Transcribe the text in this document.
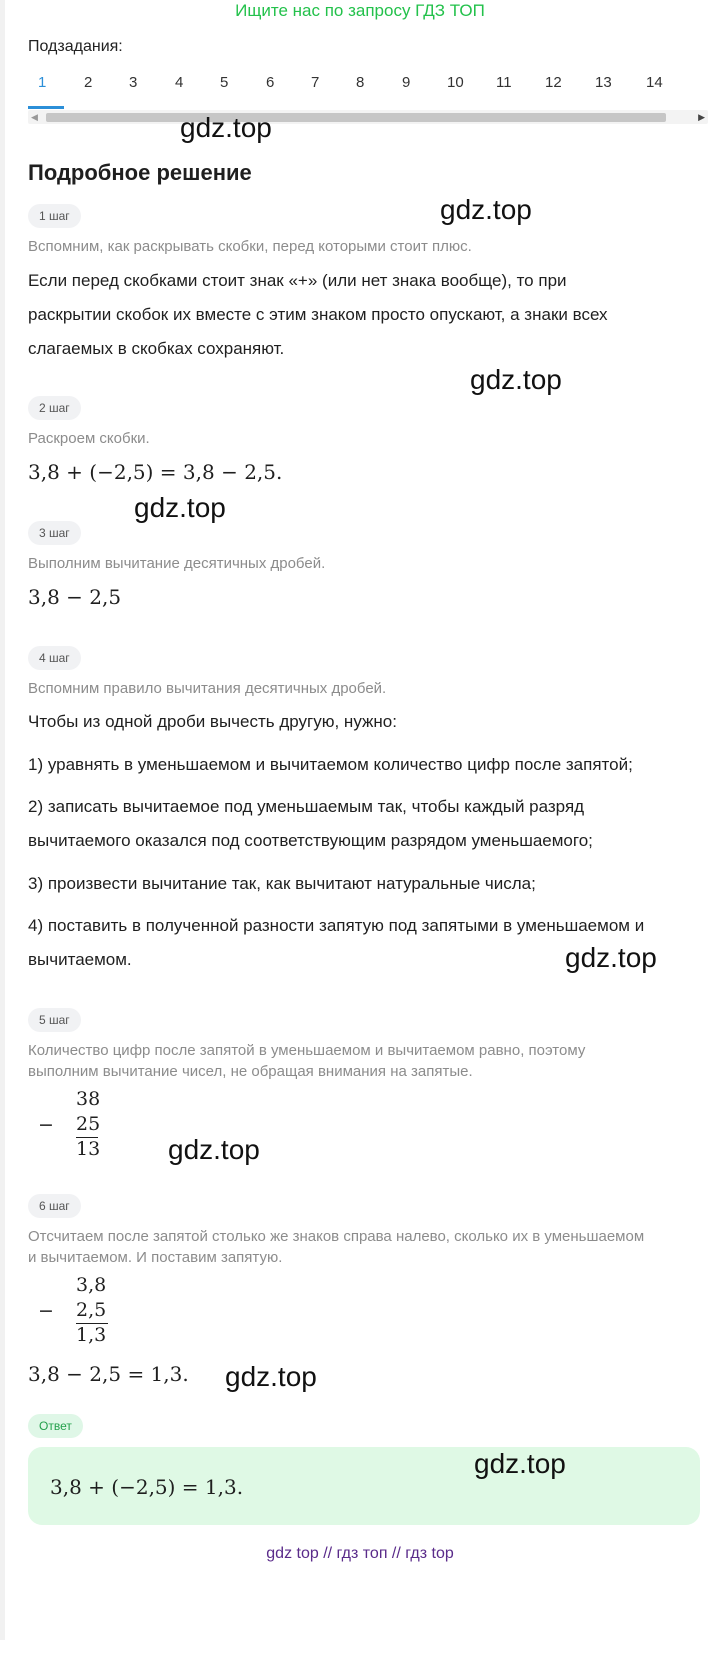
Ищите нас по запросу ГДЗ ТОП
Подзадания:
1	2 3	4 5	6 7 8	9 10 11 12 13 14
◀	▶
Подробное решение
1 шаг
Вспомним, как раскрывать скобки, перед которыми стоит плюс.
Если перед скобками стоит знак «+» (или нет знака вообще), то при
раскрытии скобок их вместе с этим знаком просто опускают, а знаки всех
слагаемых в скобках сохраняют.
2 шаг
Раскроем скобки.
3,8 + (−2,5) = 3,8 − 2,5.
3 шаг
Выполним вычитание десятичных дробей.
3,8 − 2,5
4 шаг
Вспомним правило вычитания десятичных дробей.
Чтобы из одной дроби вычесть другую, нужно:
1) уравнять в уменьшаемом и вычитаемом количество цифр после запятой;
2) записать вычитаемое под уменьшаемым так, чтобы каждый разряд
вычитаемого оказался под соответствующим разрядом уменьшаемого;
3) произвести вычитание так, как вычитают натуральные числа;
4) поставить в полученной разности запятую под запятыми в уменьшаемом и
вычитаемом.
5 шаг
Количество цифр после запятой в уменьшаемом и вычитаемом равно, поэтому
выполним вычитание чисел, не обращая внимания на запятые.
−
38
25
13
6 шаг
Отсчитаем после запятой столько же знаков справа налево, сколько их в уменьшаемом
и вычитаемом. И поставим запятую.
−
3,8
2,5
1,3
3,8 − 2,5 = 1,3.
Ответ
3,8 + (−2,5) = 1,3.
gdz.top
gdz.top
gdz.top
gdz.top
gdz.top
gdz.top
gdz.top
gdz.top
gdz top // гдз топ // гдз top
